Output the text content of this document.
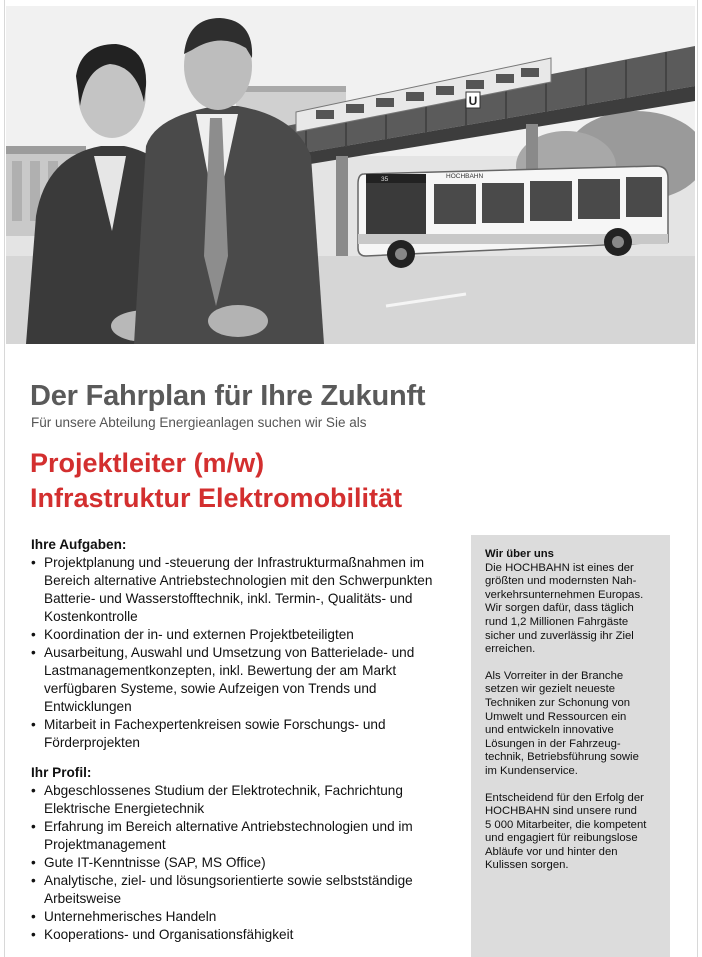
U
35	HOCHBAHN
Der Fahrplan für Ihre Zukunft
Für unsere Abteilung Energieanlagen suchen wir Sie als
Projektleiter (m/w)
Infrastruktur Elektromobilität
Ihre Aufgaben:
• Projektplanung und -steuerung der Infrastrukturmaßnahmen im Bereich alternative Antriebstechnologien mit den Schwerpunkten Batterie- und Wasserstofftechnik, inkl. Termin-, Qualitäts- und Kostenkontrolle
• Koordination der in- und externen Projektbeteiligten
• Ausarbeitung, Auswahl und Umsetzung von Batterielade- und Lastmanagementkonzepten, inkl. Bewertung der am Markt verfügbaren Systeme, sowie Aufzeigen von Trends und Entwicklungen
• Mitarbeit in Fachexpertenkreisen sowie Forschungs- und Förderprojekten
Ihr Profil:
• Abgeschlossenes Studium der Elektrotechnik, Fachrichtung Elektrische Energietechnik
• Erfahrung im Bereich alternative Antriebstechnologien und im Projektmanagement
• Gute IT-Kenntnisse (SAP, MS Office)
• Analytische, ziel- und lösungsorientierte sowie selbstständige Arbeitsweise
• Unternehmerisches Handeln
• Kooperations- und Organisationsfähigkeit
Wir über uns

Die HOCHBAHN ist eines der
größten und modernsten Nah-
verkehrsunternehmen Europas.
Wir sorgen dafür, dass täglich
rund 1,2 Millionen Fahrgäste
sicher und zuverlässig ihr Ziel
erreichen.

Als Vorreiter in der Branche
setzen wir gezielt neueste
Techniken zur Schonung von
Umwelt und Ressourcen ein
und entwickeln innovative
Lösungen in der Fahrzeug-
technik, Betriebsführung sowie
im Kundenservice.

Entscheidend für den Erfolg der
HOCHBAHN sind unsere rund
5 000 Mitarbeiter, die kompetent
und engagiert für reibungslose
Abläufe vor und hinter den
Kulissen sorgen.
